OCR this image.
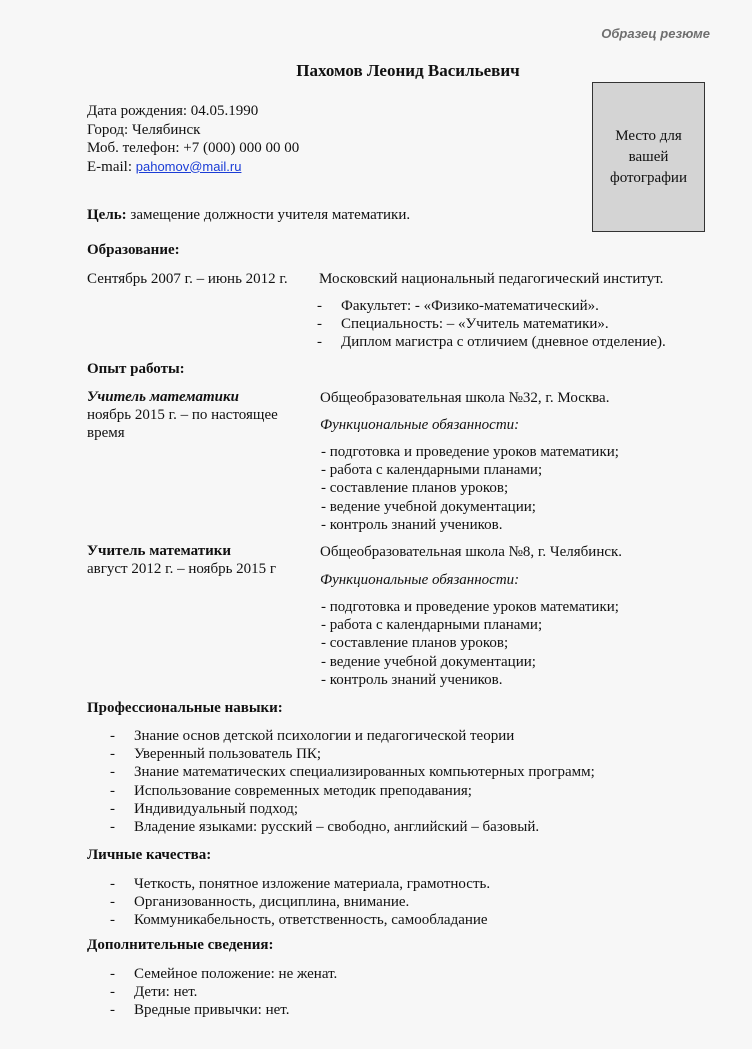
Образец резюме
Пахомов Леонид Васильевич
Дата рождения: 04.05.1990
Город: Челябинск
Моб. телефон: +7 (000) 000 00 00
E-mail: pahomov@mail.ru
Место для вашей фотографии
Цель: замещение должности учителя математики.
Образование:
Сентябрь 2007 г. – июнь 2012 г. Московский национальный педагогический институт.
- Факультет: - «Физико-математический».
- Специальность: – «Учитель математики».
- Диплом магистра с отличием (дневное отделение).
Опыт работы:
Учитель математики
ноябрь 2015 г. – по настоящее время
Общеобразовательная школа №32, г. Москва.
Функциональные обязанности:
- подготовка и проведение уроков математики;
- работа с календарными планами;
- составление планов уроков;
- ведение учебной документации;
- контроль знаний учеников.
Учитель математики
август 2012 г. – ноябрь 2015 г
Общеобразовательная школа №8, г. Челябинск.
Функциональные обязанности:
- подготовка и проведение уроков математики;
- работа с календарными планами;
- составление планов уроков;
- ведение учебной документации;
- контроль знаний учеников.
Профессиональные навыки:
- Знание основ детской психологии и педагогической теории
- Уверенный пользователь ПК;
- Знание математических специализированных компьютерных программ;
- Использование современных методик преподавания;
- Индивидуальный подход;
- Владение языками: русский – свободно, английский – базовый.
Личные качества:
- Четкость, понятное изложение материала, грамотность.
- Организованность, дисциплина, внимание.
- Коммуникабельность, ответственность, самообладание
Дополнительные сведения:
- Семейное положение: не женат.
- Дети: нет.
- Вредные привычки: нет.
